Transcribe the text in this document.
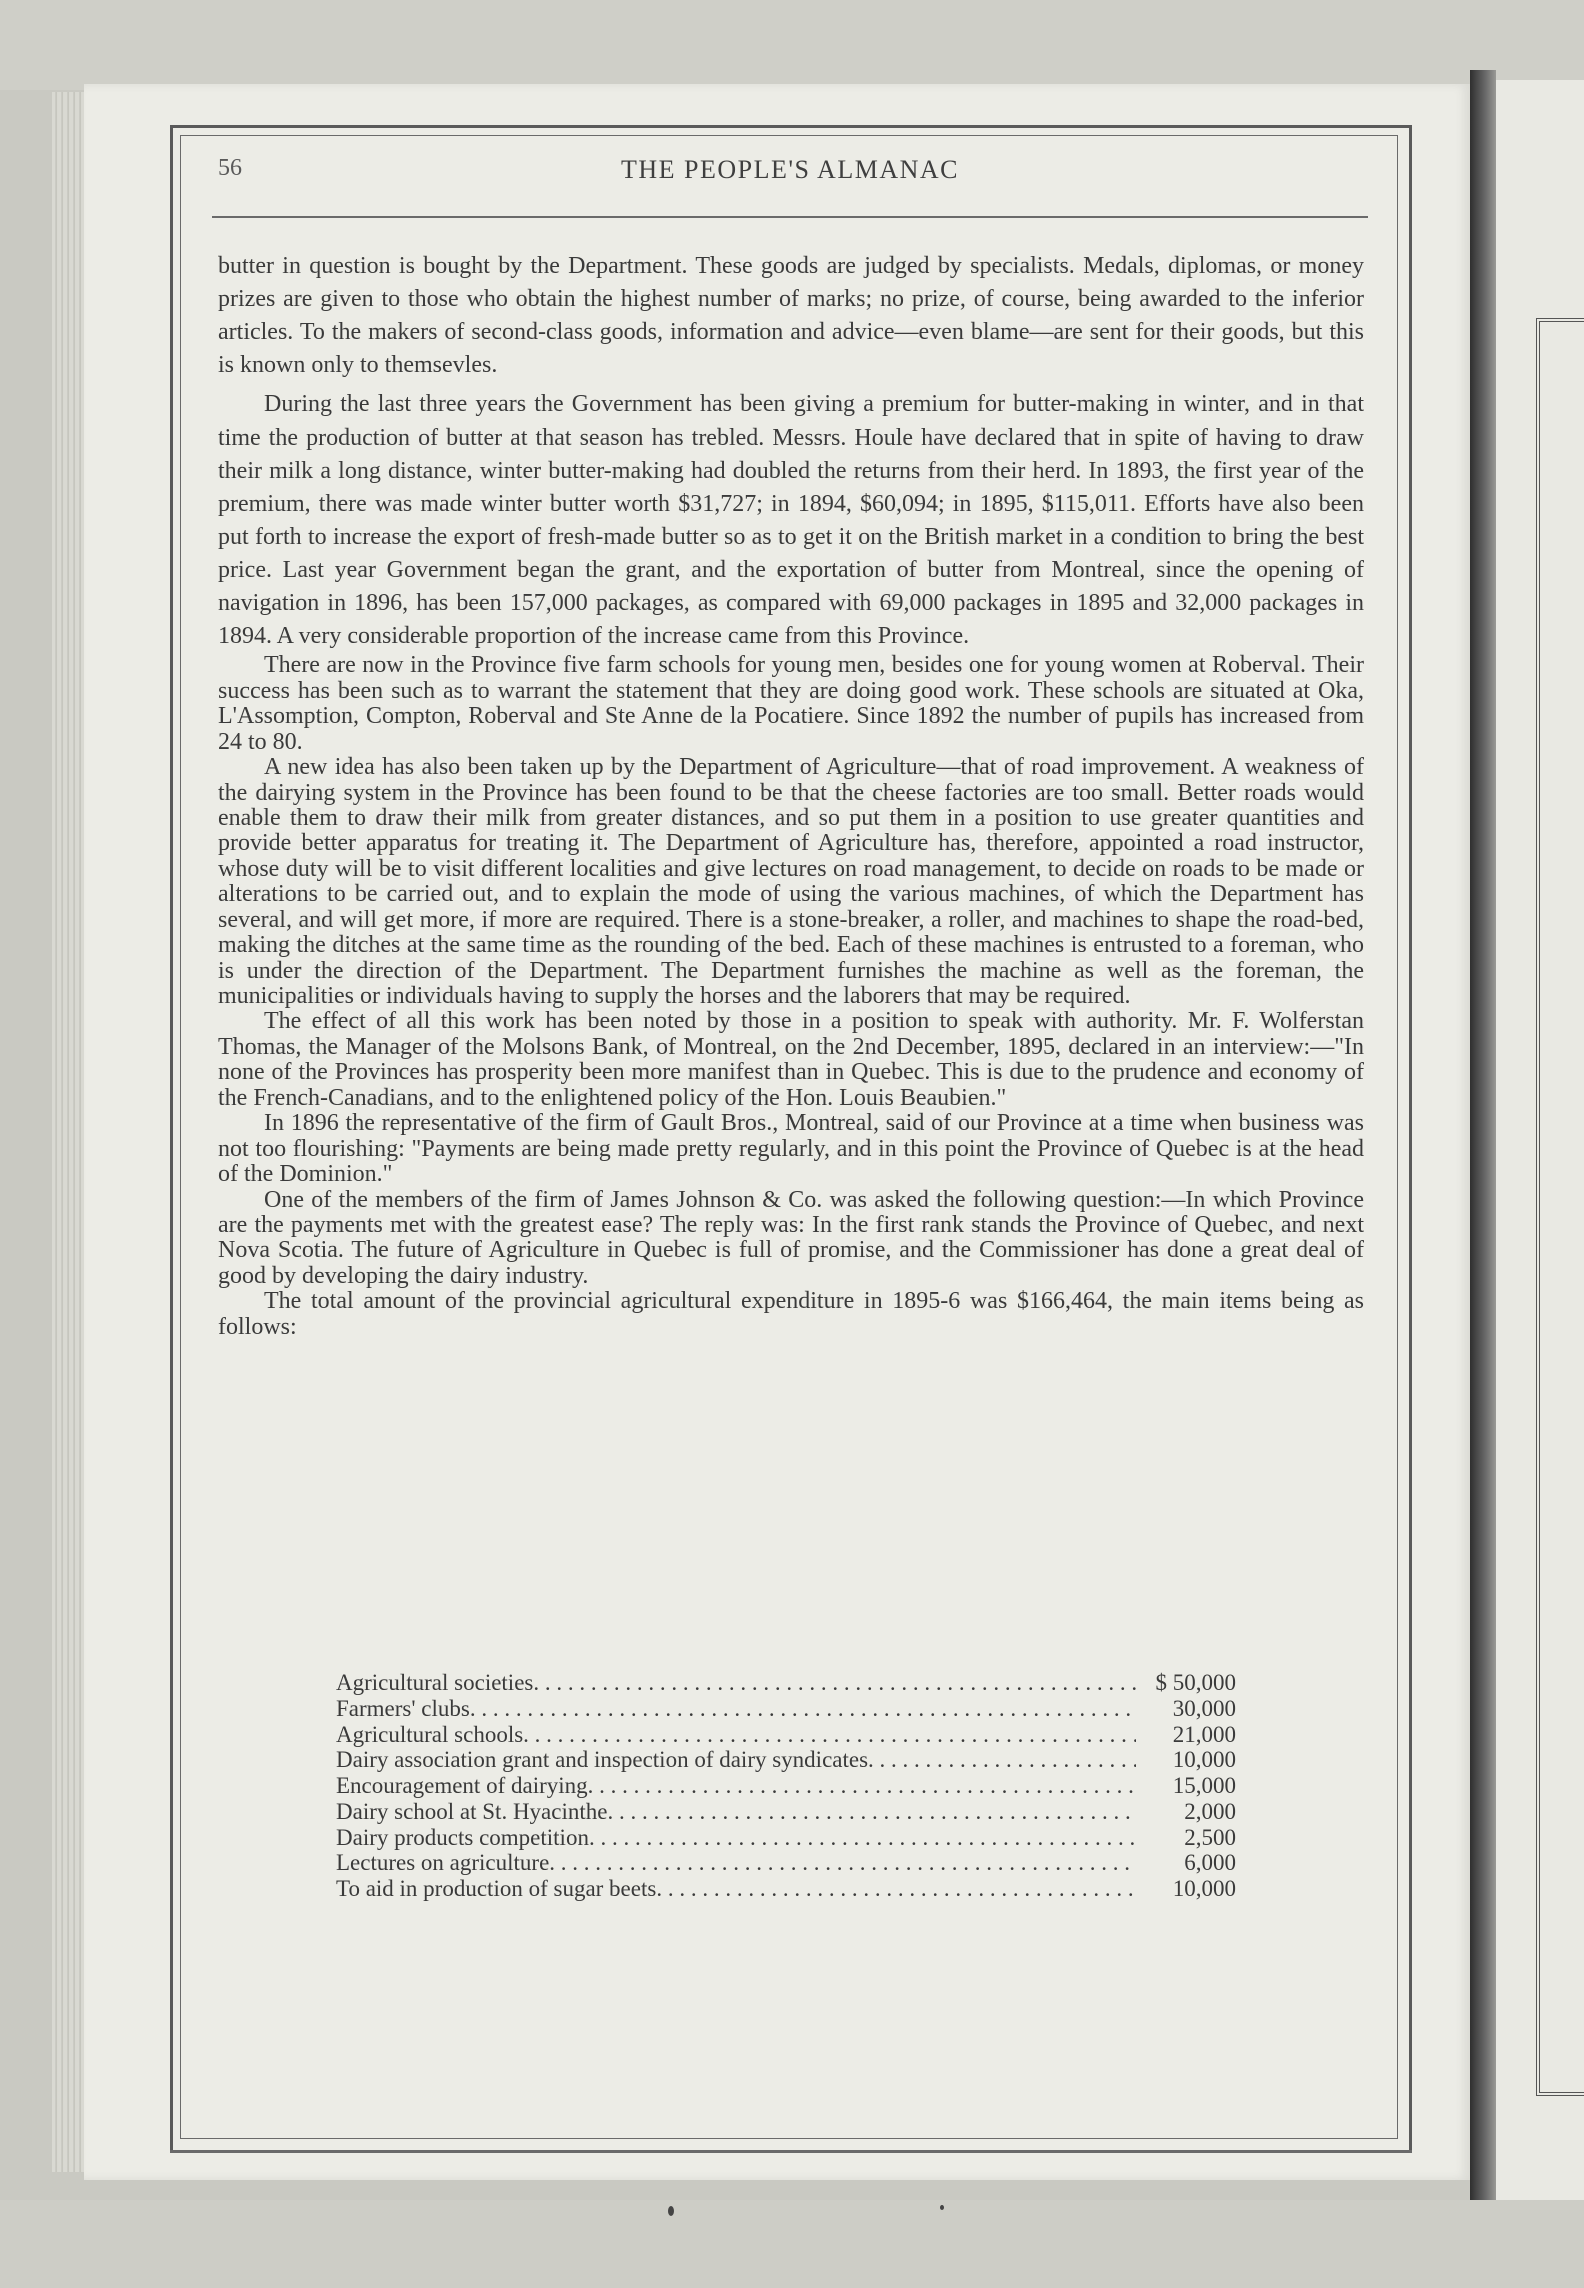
56	THE PEOPLE'S ALMANAC

butter in question is bought by the Department. These goods are judged by specialists. Medals, diplomas, or money prizes are given to those who obtain the highest number of marks; no prize, of course, being awarded to the inferior articles. To the makers of second-class goods, information and advice—even blame—are sent for their goods, but this is known only to themsevles.

During the last three years the Government has been giving a premium for butter-making in winter, and in that time the production of butter at that season has trebled. Messrs. Houle have declared that in spite of having to draw their milk a long distance, winter butter-making had doubled the returns from their herd. In 1893, the first year of the premium, there was made winter butter worth $31,727; in 1894, $60,094; in 1895, $115,011. Efforts have also been put forth to increase the export of fresh-made butter so as to get it on the British market in a condition to bring the best price. Last year Government began the grant, and the exportation of butter from Montreal, since the opening of navigation in 1896, has been 157,000 packages, as compared with 69,000 packages in 1895 and 32,000 packages in 1894. A very considerable proportion of the increase came from this Province.

There are now in the Province five farm schools for young men, besides one for young women at Roberval. Their success has been such as to warrant the statement that they are doing good work. These schools are situated at Oka, L'Assomption, Compton, Roberval and Ste Anne de la Pocatiere. Since 1892 the number of pupils has increased from 24 to 80.

A new idea has also been taken up by the Department of Agriculture—that of road improvement. A weakness of the dairying system in the Province has been found to be that the cheese factories are too small. Better roads would enable them to draw their milk from greater distances, and so put them in a position to use greater quantities and provide better apparatus for treating it. The Department of Agriculture has, therefore, appointed a road instructor, whose duty will be to visit different localities and give lectures on road management, to decide on roads to be made or alterations to be carried out, and to explain the mode of using the various machines, of which the Department has several, and will get more, if more are required. There is a stone-breaker, a roller, and machines to shape the road-bed, making the ditches at the same time as the rounding of the bed. Each of these machines is entrusted to a foreman, who is under the direction of the Department. The Department furnishes the machine as well as the foreman, the municipalities or individuals having to supply the horses and the laborers that may be required.

The effect of all this work has been noted by those in a position to speak with authority. Mr. F. Wolferstan Thomas, the Manager of the Molsons Bank, of Montreal, on the 2nd December, 1895, declared in an interview:—"In none of the Provinces has prosperity been more manifest than in Quebec. This is due to the prudence and economy of the French-Canadians, and to the enlightened policy of the Hon. Louis Beaubien."

In 1896 the representative of the firm of Gault Bros., Montreal, said of our Province at a time when business was not too flourishing: "Payments are being made pretty regularly, and in this point the Province of Quebec is at the head of the Dominion."

One of the members of the firm of James Johnson & Co. was asked the following question:—In which Province are the payments met with the greatest ease? The reply was: In the first rank stands the Province of Quebec, and next Nova Scotia. The future of Agriculture in Quebec is full of promise, and the Commissioner has done a great deal of good by developing the dairy industry.

The total amount of the provincial agricultural expenditure in 1895-6 was $166,464, the main items being as follows:

Agricultural societies . . .	$ 50,000
Farmers' clubs . . .	30,000
Agricultural schools . . .	21,000
Dairy association grant and inspection of dairy syndicates . . .	10,000
Encouragement of dairying . . .	15,000
Dairy school at St. Hyacinthe . . .	2,000
Dairy products competition . . .	2,500
Lectures on agriculture . . .	6,000
To aid in production of sugar beets . . .	10,000
